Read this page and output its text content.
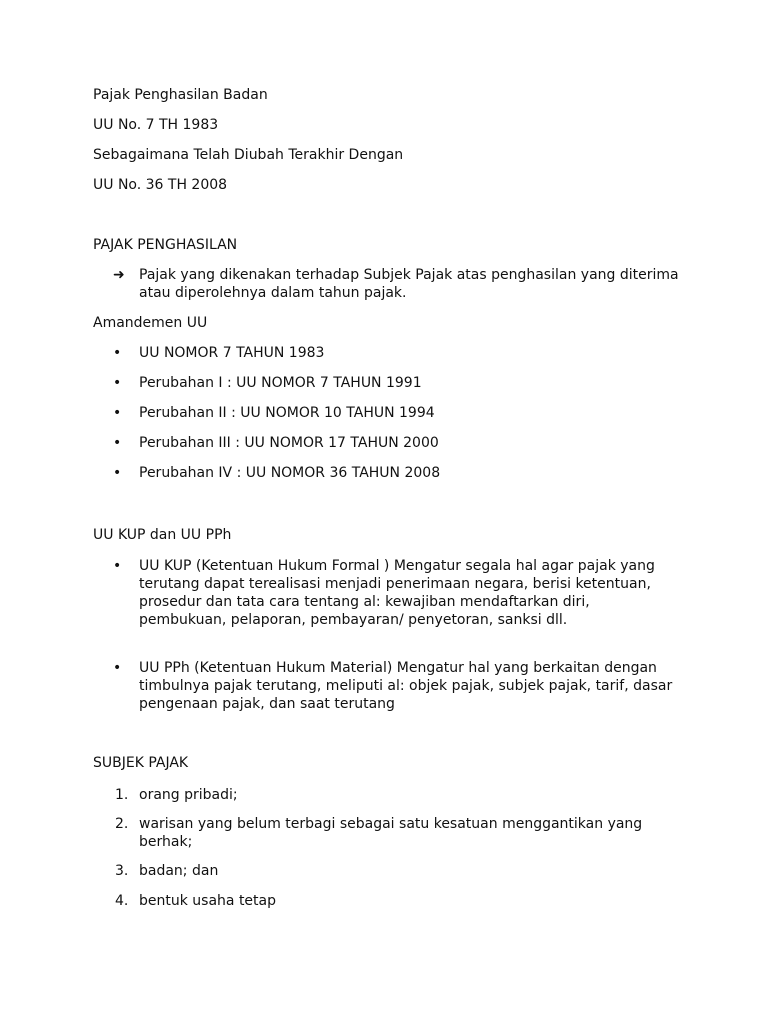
Pajak Penghasilan Badan
UU No. 7 TH 1983
Sebagaimana Telah Diubah Terakhir Dengan
UU No. 36 TH 2008
PAJAK PENGHASILAN
➜ Pajak yang dikenakan terhadap Subjek Pajak atas penghasilan yang diterima atau diperolehnya dalam tahun pajak.
Amandemen UU
• UU NOMOR 7 TAHUN 1983
• Perubahan I : UU NOMOR 7 TAHUN 1991
• Perubahan II : UU NOMOR 10 TAHUN 1994
• Perubahan III : UU NOMOR 17 TAHUN 2000
• Perubahan IV : UU NOMOR 36 TAHUN 2008
UU KUP dan UU PPh
• UU KUP (Ketentuan Hukum Formal ) Mengatur segala hal agar pajak yang terutang dapat terealisasi menjadi penerimaan negara, berisi ketentuan, prosedur dan tata cara tentang al: kewajiban mendaftarkan diri, pembukuan, pelaporan, pembayaran/ penyetoran, sanksi dll.
• UU PPh (Ketentuan Hukum Material) Mengatur hal yang berkaitan dengan timbulnya pajak terutang, meliputi al: objek pajak, subjek pajak, tarif, dasar pengenaan pajak, dan saat terutang
SUBJEK PAJAK
1. orang pribadi;
2. warisan yang belum terbagi sebagai satu kesatuan menggantikan yang berhak;
3. badan; dan
4. bentuk usaha tetap
